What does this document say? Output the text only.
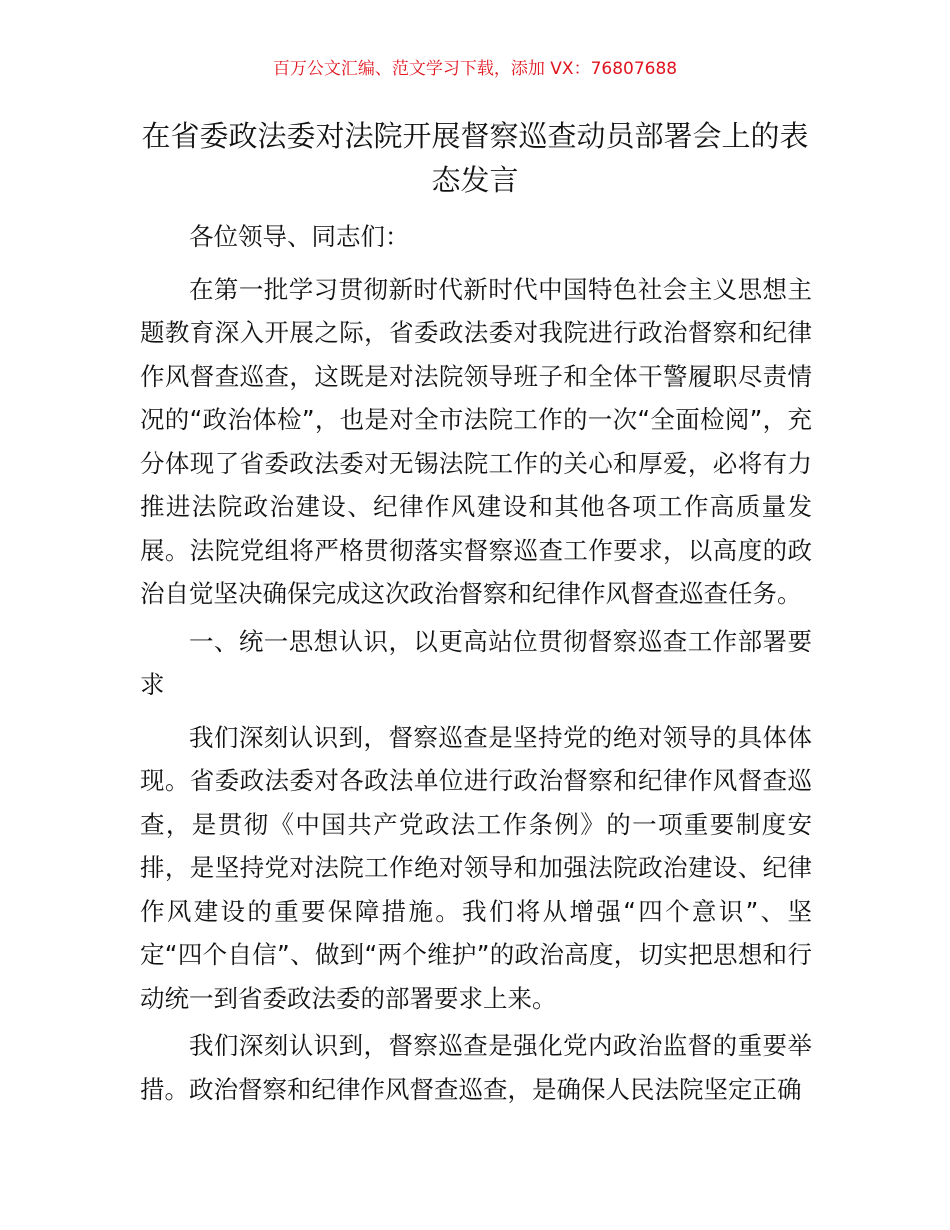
百万公文汇编、范文学习下载，添加 VX：76807688
在省委政法委对法院开展督察巡查动员部署会上的表态发言

各位领导、同志们：

在第一批学习贯彻新时代新时代中国特色社会主义思想主题教育深入开展之际，省委政法委对我院进行政治督察和纪律作风督查巡查，这既是对法院领导班子和全体干警履职尽责情况的“政治体检”，也是对全市法院工作的一次“全面检阅”，充分体现了省委政法委对无锡法院工作的关心和厚爱，必将有力推进法院政治建设、纪律作风建设和其他各项工作高质量发展。法院党组将严格贯彻落实督察巡查工作要求，以高度的政治自觉坚决确保完成这次政治督察和纪律作风督查巡查任务。

一、统一思想认识，以更高站位贯彻督察巡查工作部署要求

我们深刻认识到，督察巡查是坚持党的绝对领导的具体体现。省委政法委对各政法单位进行政治督察和纪律作风督查巡查，是贯彻《中国共产党政法工作条例》的一项重要制度安排，是坚持党对法院工作绝对领导和加强法院政治建设、纪律作风建设的重要保障措施。我们将从增强“四个意识”、坚定“四个自信”、做到“两个维护”的政治高度，切实把思想和行动统一到省委政法委的部署要求上来。

我们深刻认识到，督察巡查是强化党内政治监督的重要举措。政治督察和纪律作风督查巡查，是确保人民法院坚定正确
